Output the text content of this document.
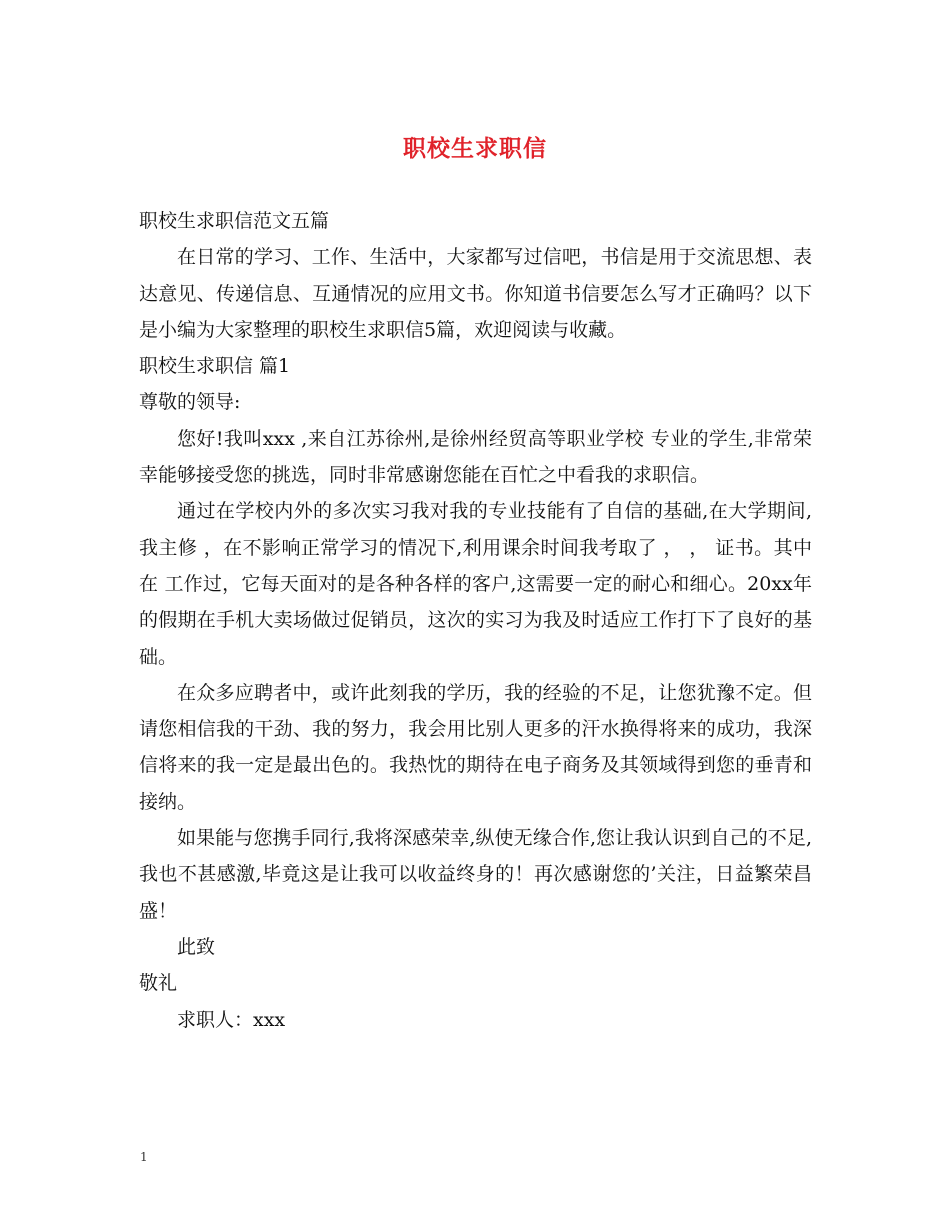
职校生求职信

职校生求职信范文五篇

在日常的学习、工作、生活中，大家都写过信吧，书信是用于交流思想、表达意见、传递信息、互通情况的应用文书。你知道书信要怎么写才正确吗？以下是小编为大家整理的职校生求职信5篇，欢迎阅读与收藏。

职校生求职信 篇1

尊敬的领导:

您好!我叫xxx ,来自江苏徐州,是徐州经贸高等职业学校 专业的学生,非常荣幸能够接受您的挑选，同时非常感谢您能在百忙之中看我的求职信。

通过在学校内外的多次实习我对我的专业技能有了自信的基础,在大学期间,我主修 ，在不影响正常学习的情况下,利用课余时间我考取了 ， ， 证书。其中在 工作过，它每天面对的是各种各样的客户,这需要一定的耐心和细心。20xx年的假期在手机大卖场做过促销员，这次的实习为我及时适应工作打下了良好的基础。

在众多应聘者中，或许此刻我的学历，我的经验的不足，让您犹豫不定。但请您相信我的干劲、我的努力，我会用比别人更多的汗水换得将来的成功，我深信将来的我一定是最出色的。我热忱的期待在电子商务及其领域得到您的垂青和接纳。

如果能与您携手同行,我将深感荣幸,纵使无缘合作,您让我认识到自己的不足,我也不甚感激,毕竟这是让我可以收益终身的！再次感谢您的’关注，日益繁荣昌盛！

此致

敬礼

求职人：xxx

1
